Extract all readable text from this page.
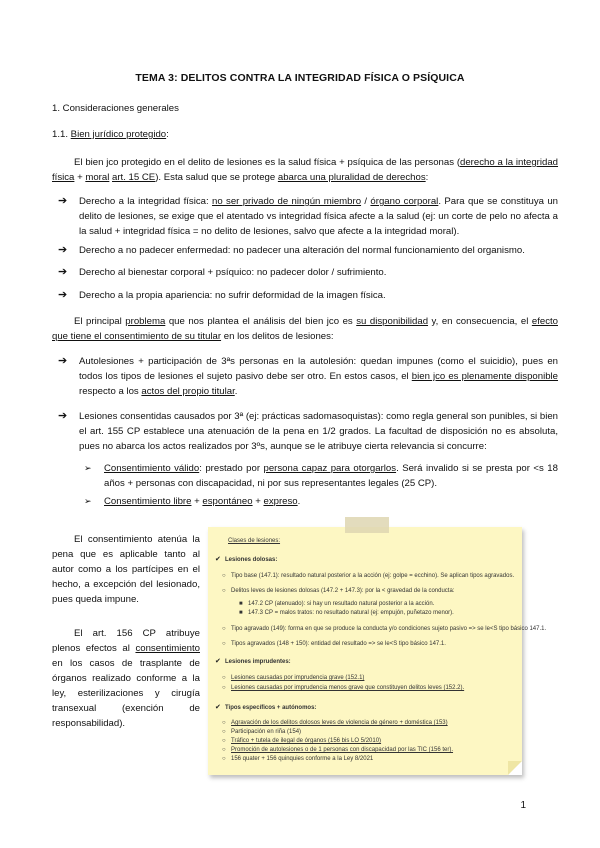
TEMA 3: DELITOS CONTRA LA INTEGRIDAD FÍSICA O PSÍQUICA
1. Consideraciones generales
1.1. Bien jurídico protegido:
El bien jco protegido en el delito de lesiones es la salud física + psíquica de las personas (derecho a la integridad física + moral art. 15 CE). Esta salud que se protege abarca una pluralidad de derechos:
➔ Derecho a la integridad física: no ser privado de ningún miembro / órgano corporal. Para que se constituya un delito de lesiones, se exige que el atentado vs integridad física afecte a la salud (ej: un corte de pelo no afecta a la salud + integridad física = no delito de lesiones, salvo que afecte a la integridad moral).
➔ Derecho a no padecer enfermedad: no padecer una alteración del normal funcionamiento del organismo.
➔ Derecho al bienestar corporal + psíquico: no padecer dolor / sufrimiento.
➔ Derecho a la propia apariencia: no sufrir deformidad de la imagen física.
El principal problema que nos plantea el análisis del bien jco es su disponibilidad y, en consecuencia, el efecto que tiene el consentimiento de su titular en los delitos de lesiones:
➔ Autolesiones + participación de 3ªs personas en la autolesión: quedan impunes (como el suicidio), pues en todos los tipos de lesiones el sujeto pasivo debe ser otro. En estos casos, el bien jco es plenamente disponible respecto a los actos del propio titular.
➔ Lesiones consentidas causados por 3ª (ej: prácticas sadomasoquistas): como regla general son punibles, si bien el art. 155 CP establece una atenuación de la pena en 1/2 grados. La facultad de disposición no es absoluta, pues no abarca los actos realizados por 3ºs, aunque se le atribuye cierta relevancia si concurre:
➢ Consentimiento válido: prestado por persona capaz para otorgarlos. Será invalido si se presta por <s 18 años + personas con discapacidad, ni por sus representantes legales (25 CP).
➢ Consentimiento libre + espontáneo + expreso.
El consentimiento atenúa la pena que es aplicable tanto al autor como a los partícipes en el hecho, a excepción del lesionado, pues queda impune.
El art. 156 CP atribuye plenos efectos al consentimiento en los casos de trasplante de órganos realizado conforme a la ley, esterilizaciones y cirugía transexual (exención de responsabilidad).
Clases de lesiones:
✔ Lesiones dolosas:
○ Tipo base (147.1): resultado natural posterior a la acción (ej: golpe = ecchino). Se aplican tipos agravados.
○ Delitos leves de lesiones dolosas (147.2 + 147.3): por la < gravedad de la conducta:
■ 147.2 CP (atenuado): si hay un resultado natural posterior a la acción.
■ 147.3 CP = malos tratos: no resultado natural (ej: empujón, puñetazo menor).
○ Tipo agravado (149): forma en que se produce la conducta y/o condiciones sujeto pasivo => se le<S tipo básico 147.1.
○ Tipos agravados (148 + 150): entidad del resultado => se le<S tipo básico 147.1.
✔ Lesiones imprudentes:
○ Lesiones causadas por imprudencia grave (152.1)
○ Lesiones causadas por imprudencia menos grave que constituyen delitos leves (152.2).
✔ Tipos específicos + autónomos:
○ Agravación de los delitos dolosos leves de violencia de género + doméstica (153)
○ Participación en riña (154)
○ Tráfico + tutela de ilegal de órganos (156 bis LO 5/2010)
○ Promoción de autolesiones o de 1 personas con discapacidad por las TIC (156 ter).
○ 156 quater + 156 quinquies conforme a la Ley 8/2021
1
